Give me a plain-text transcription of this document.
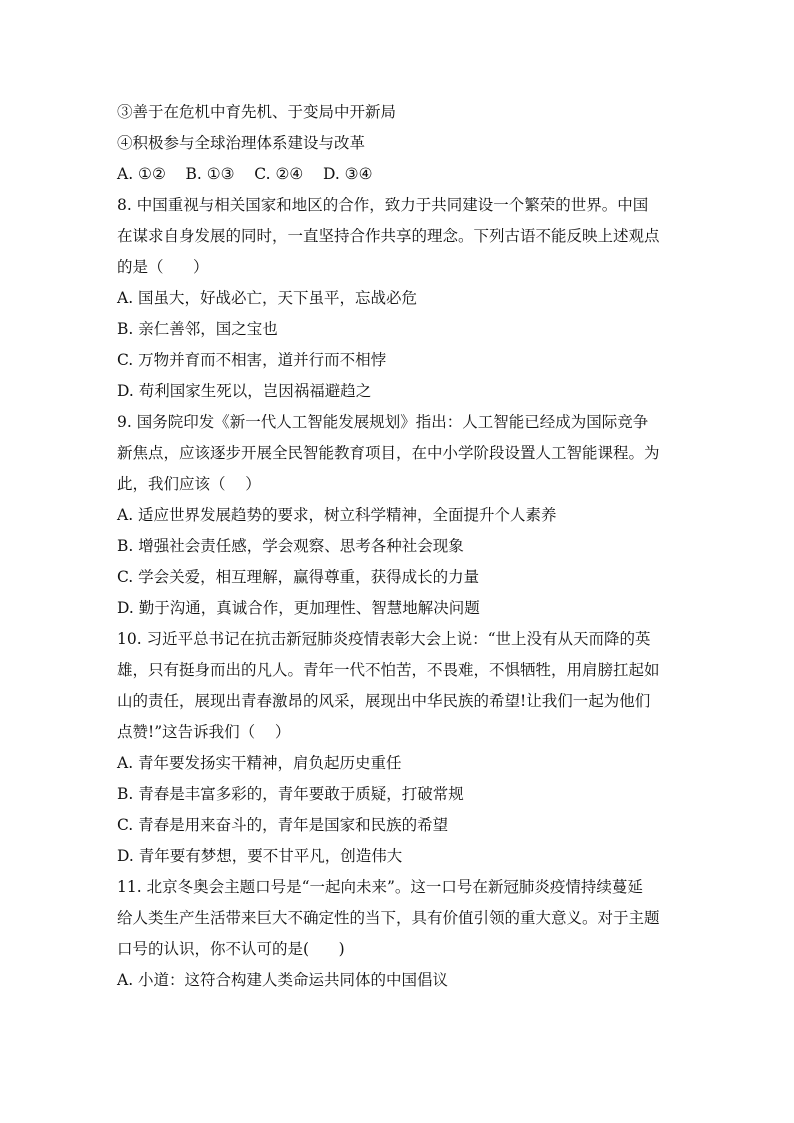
③善于在危机中育先机、于变局中开新局
④积极参与全球治理体系建设与改革
A. ①②    B. ①③    C. ②④    D. ③④
8. 中国重视与相关国家和地区的合作，致力于共同建设一个繁荣的世界。中国
在谋求自身发展的同时，一直坚持合作共享的理念。下列古语不能反映上述观点
的是（      ）
A. 国虽大，好战必亡，天下虽平，忘战必危
B. 亲仁善邻，国之宝也
C. 万物并育而不相害，道并行而不相悖
D. 苟利国家生死以，岂因祸福避趋之
9. 国务院印发《新一代人工智能发展规划》指出：人工智能已经成为国际竞争
新焦点，应该逐步开展全民智能教育项目，在中小学阶段设置人工智能课程。为
此，我们应该（    ）
A. 适应世界发展趋势的要求，树立科学精神，全面提升个人素养
B. 增强社会责任感，学会观察、思考各种社会现象
C. 学会关爱，相互理解，赢得尊重，获得成长的力量
D. 勤于沟通，真诚合作，更加理性、智慧地解决问题
10. 习近平总书记在抗击新冠肺炎疫情表彰大会上说：“世上没有从天而降的英
雄，只有挺身而出的凡人。青年一代不怕苦，不畏难，不惧牺牲，用肩膀扛起如
山的责任，展现出青春激昂的风采，展现出中华民族的希望!让我们一起为他们
点赞!”这告诉我们（    ）
A. 青年要发扬实干精神，肩负起历史重任
B. 青春是丰富多彩的，青年要敢于质疑，打破常规
C. 青春是用来奋斗的，青年是国家和民族的希望
D. 青年要有梦想，要不甘平凡，创造伟大
11. 北京冬奥会主题口号是“一起向未来”。这一口号在新冠肺炎疫情持续蔓延
给人类生产生活带来巨大不确定性的当下，具有价值引领的重大意义。对于主题
口号的认识，你不认可的是(      )
A. 小道：这符合构建人类命运共同体的中国倡议
